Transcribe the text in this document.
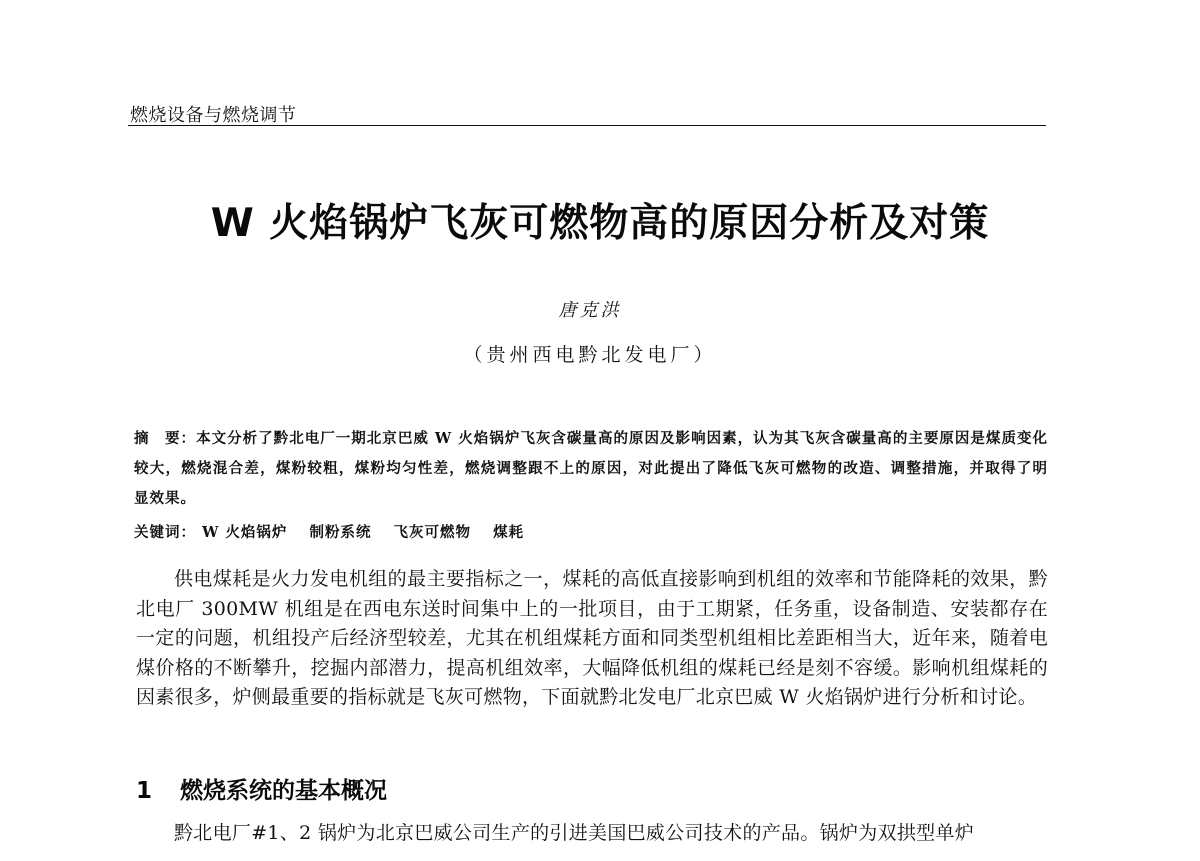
燃烧设备与燃烧调节
W 火焰锅炉飞灰可燃物高的原因分析及对策
唐克洪
（贵州西电黔北发电厂）
摘　要：本文分析了黔北电厂一期北京巴威 W 火焰锅炉飞灰含碳量高的原因及影响因素，认为其飞灰含碳量高的主要原因是煤质变化较大，燃烧混合差，煤粉较粗，煤粉均匀性差，燃烧调整跟不上的原因，对此提出了降低飞灰可燃物的改造、调整措施，并取得了明显效果。
关键词： W 火焰锅炉 制粉系统 飞灰可燃物 煤耗
供电煤耗是火力发电机组的最主要指标之一，煤耗的高低直接影响到机组的效率和节能降耗的效果，黔北电厂 300MW 机组是在西电东送时间集中上的一批项目，由于工期紧，任务重，设备制造、安装都存在一定的问题，机组投产后经济型较差，尤其在机组煤耗方面和同类型机组相比差距相当大，近年来，随着电煤价格的不断攀升，挖掘内部潜力，提高机组效率，大幅降低机组的煤耗已经是刻不容缓。影响机组煤耗的因素很多，炉侧最重要的指标就是飞灰可燃物，下面就黔北发电厂北京巴威 W 火焰锅炉进行分析和讨论。
1 燃烧系统的基本概况
黔北电厂#1、2 锅炉为北京巴威公司生产的引进美国巴威公司技术的产品。锅炉为双拱型单炉
